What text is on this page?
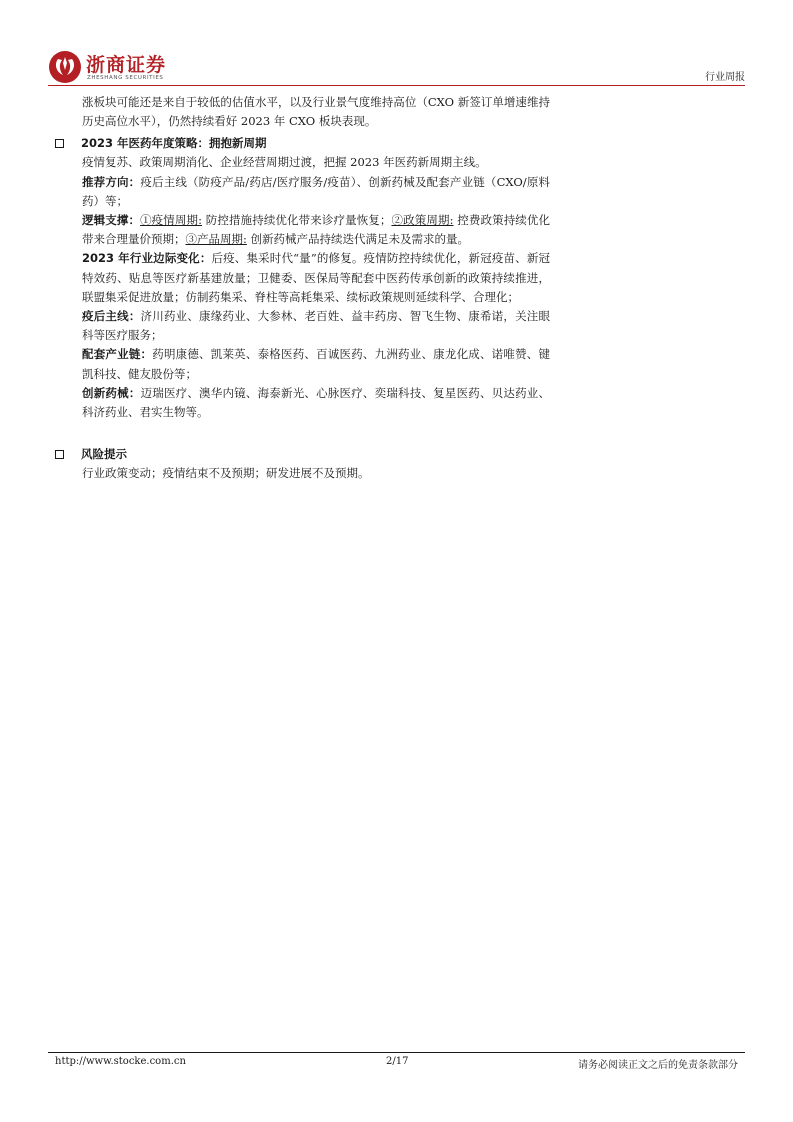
浙商证券
ZHESHANG SECURITIES	行业周报

涨板块可能还是来自于较低的估值水平，以及行业景气度维持高位（CXO 新签订单增速维持历史高位水平），仍然持续看好 2023 年 CXO 板块表现。

2023 年医药年度策略：拥抱新周期

疫情复苏、政策周期消化、企业经营周期过渡，把握 2023 年医药新周期主线。

推荐方向：疫后主线（防疫产品/药店/医疗服务/疫苗）、创新药械及配套产业链（CXO/原料药）等；

逻辑支撑：①疫情周期: 防控措施持续优化带来诊疗量恢复；②政策周期: 控费政策持续优化带来合理量价预期；③产品周期: 创新药械产品持续迭代满足未及需求的量。

2023 年行业边际变化：后疫、集采时代“量”的修复。疫情防控持续优化，新冠疫苗、新冠特效药、贴息等医疗新基建放量；卫健委、医保局等配套中医药传承创新的政策持续推进，联盟集采促进放量；仿制药集采、脊柱等高耗集采、续标政策规则延续科学、合理化；

疫后主线：济川药业、康缘药业、大参林、老百姓、益丰药房、智飞生物、康希诺，关注眼科等医疗服务；

配套产业链：药明康德、凯莱英、泰格医药、百诚医药、九洲药业、康龙化成、诺唯赞、键凯科技、健友股份等；

创新药械：迈瑞医疗、澳华内镜、海泰新光、心脉医疗、奕瑞科技、复星医药、贝达药业、科济药业、君实生物等。

风险提示

行业政策变动；疫情结束不及预期；研发进展不及预期。

http://www.stocke.com.cn	2/17	请务必阅读正文之后的免责条款部分
